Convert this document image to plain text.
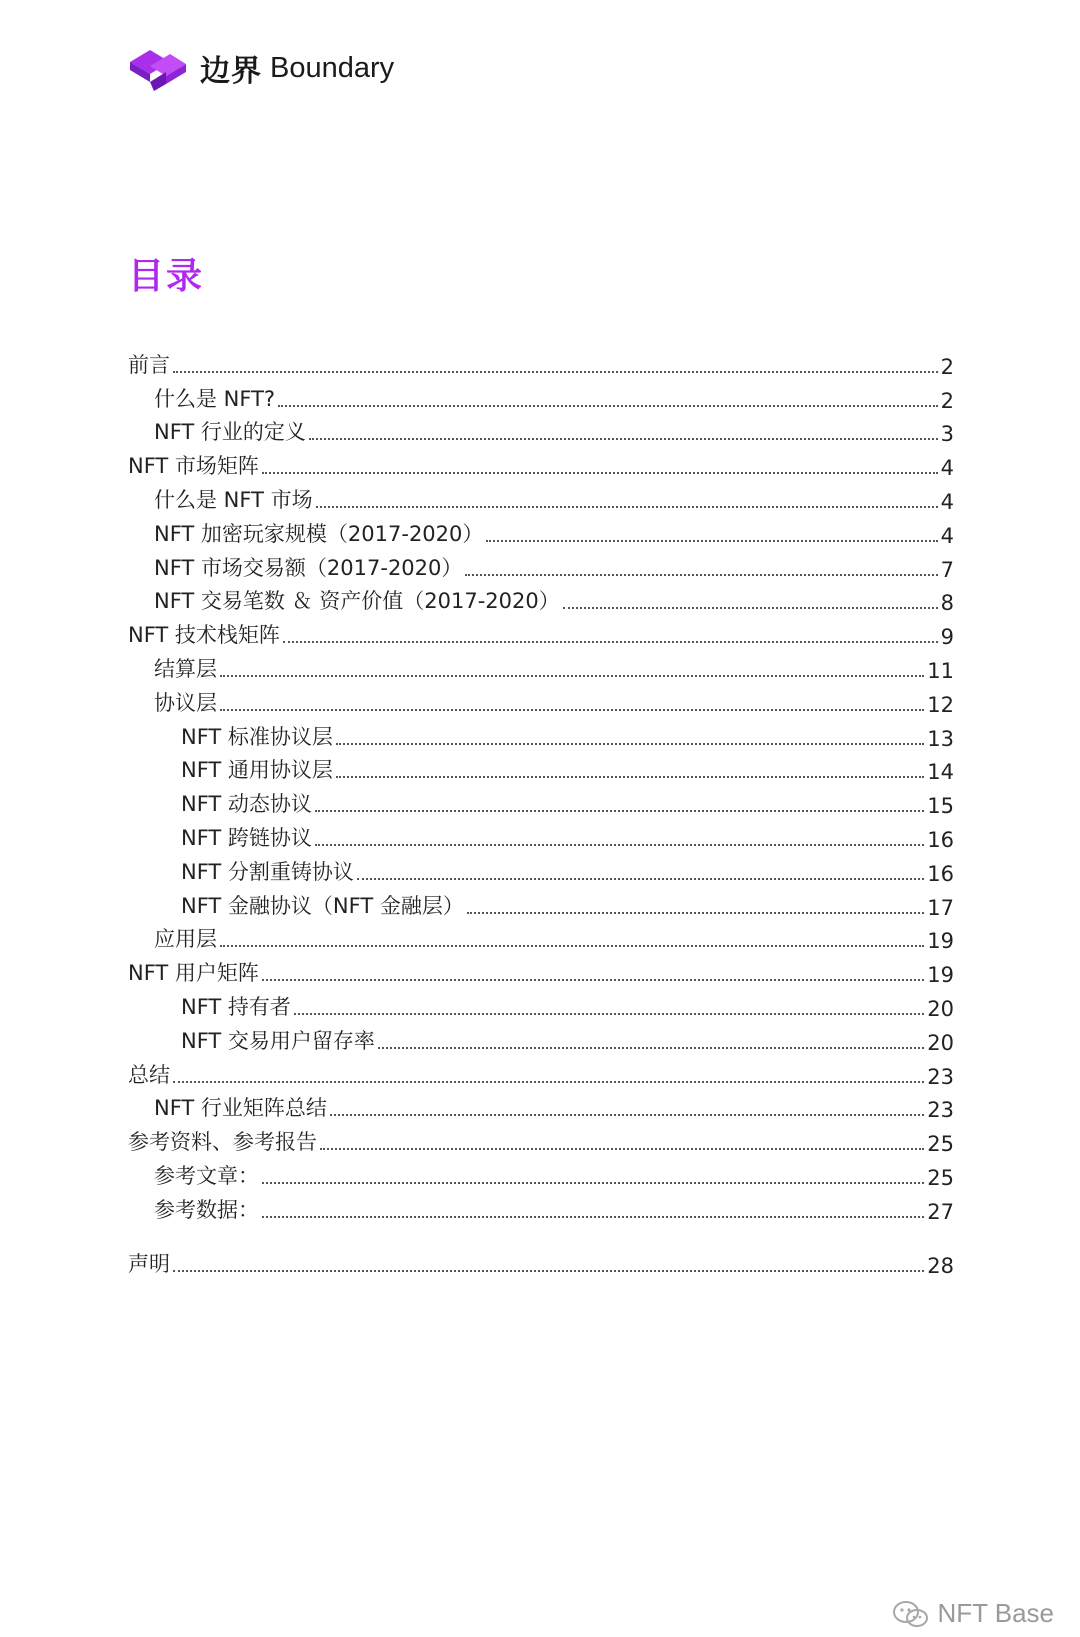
边界 Boundary
目录
前言	2
什么是 NFT?	2
NFT 行业的定义	3
NFT 市场矩阵	4
什么是 NFT 市场	4
NFT 加密玩家规模（2017-2020）	4
NFT 市场交易额（2017-2020）	7
NFT 交易笔数 ＆ 资产价值（2017-2020）	8
NFT 技术栈矩阵	9
结算层	11
协议层	12
NFT 标准协议层	13
NFT 通用协议层	14
NFT 动态协议	15
NFT 跨链协议	16
NFT 分割重铸协议	16
NFT 金融协议（NFT 金融层）	17
应用层	19
NFT 用户矩阵	19
NFT 持有者	20
NFT 交易用户留存率	20
总结	23
NFT 行业矩阵总结	23
参考资料、参考报告	25
参考文章：	25
参考数据：	27
声明	28
NFT Base
